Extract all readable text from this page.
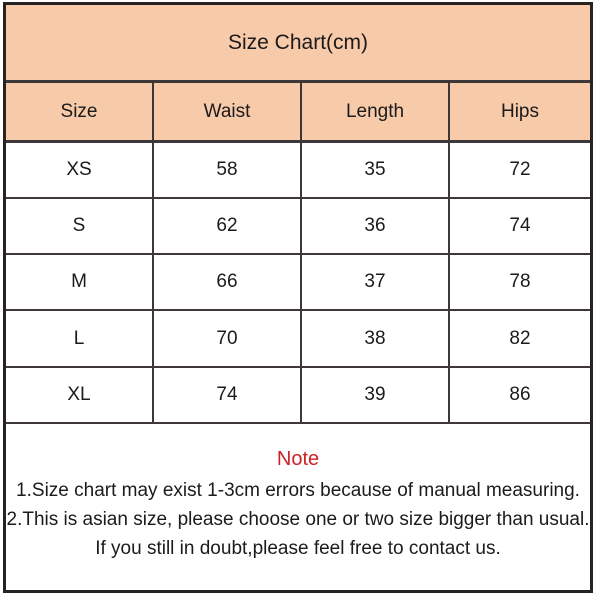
Size Chart(cm)
Size	Waist	Length	Hips
XS	58	35	72
S	62	36	74
M	66	37	78
L	70	38	82
XL	74	39	86
Note
1.Size chart may exist 1-3cm errors because of manual measuring.
2.This is asian size, please choose one or two size bigger than usual.
If you still in doubt,please feel free to contact us.
